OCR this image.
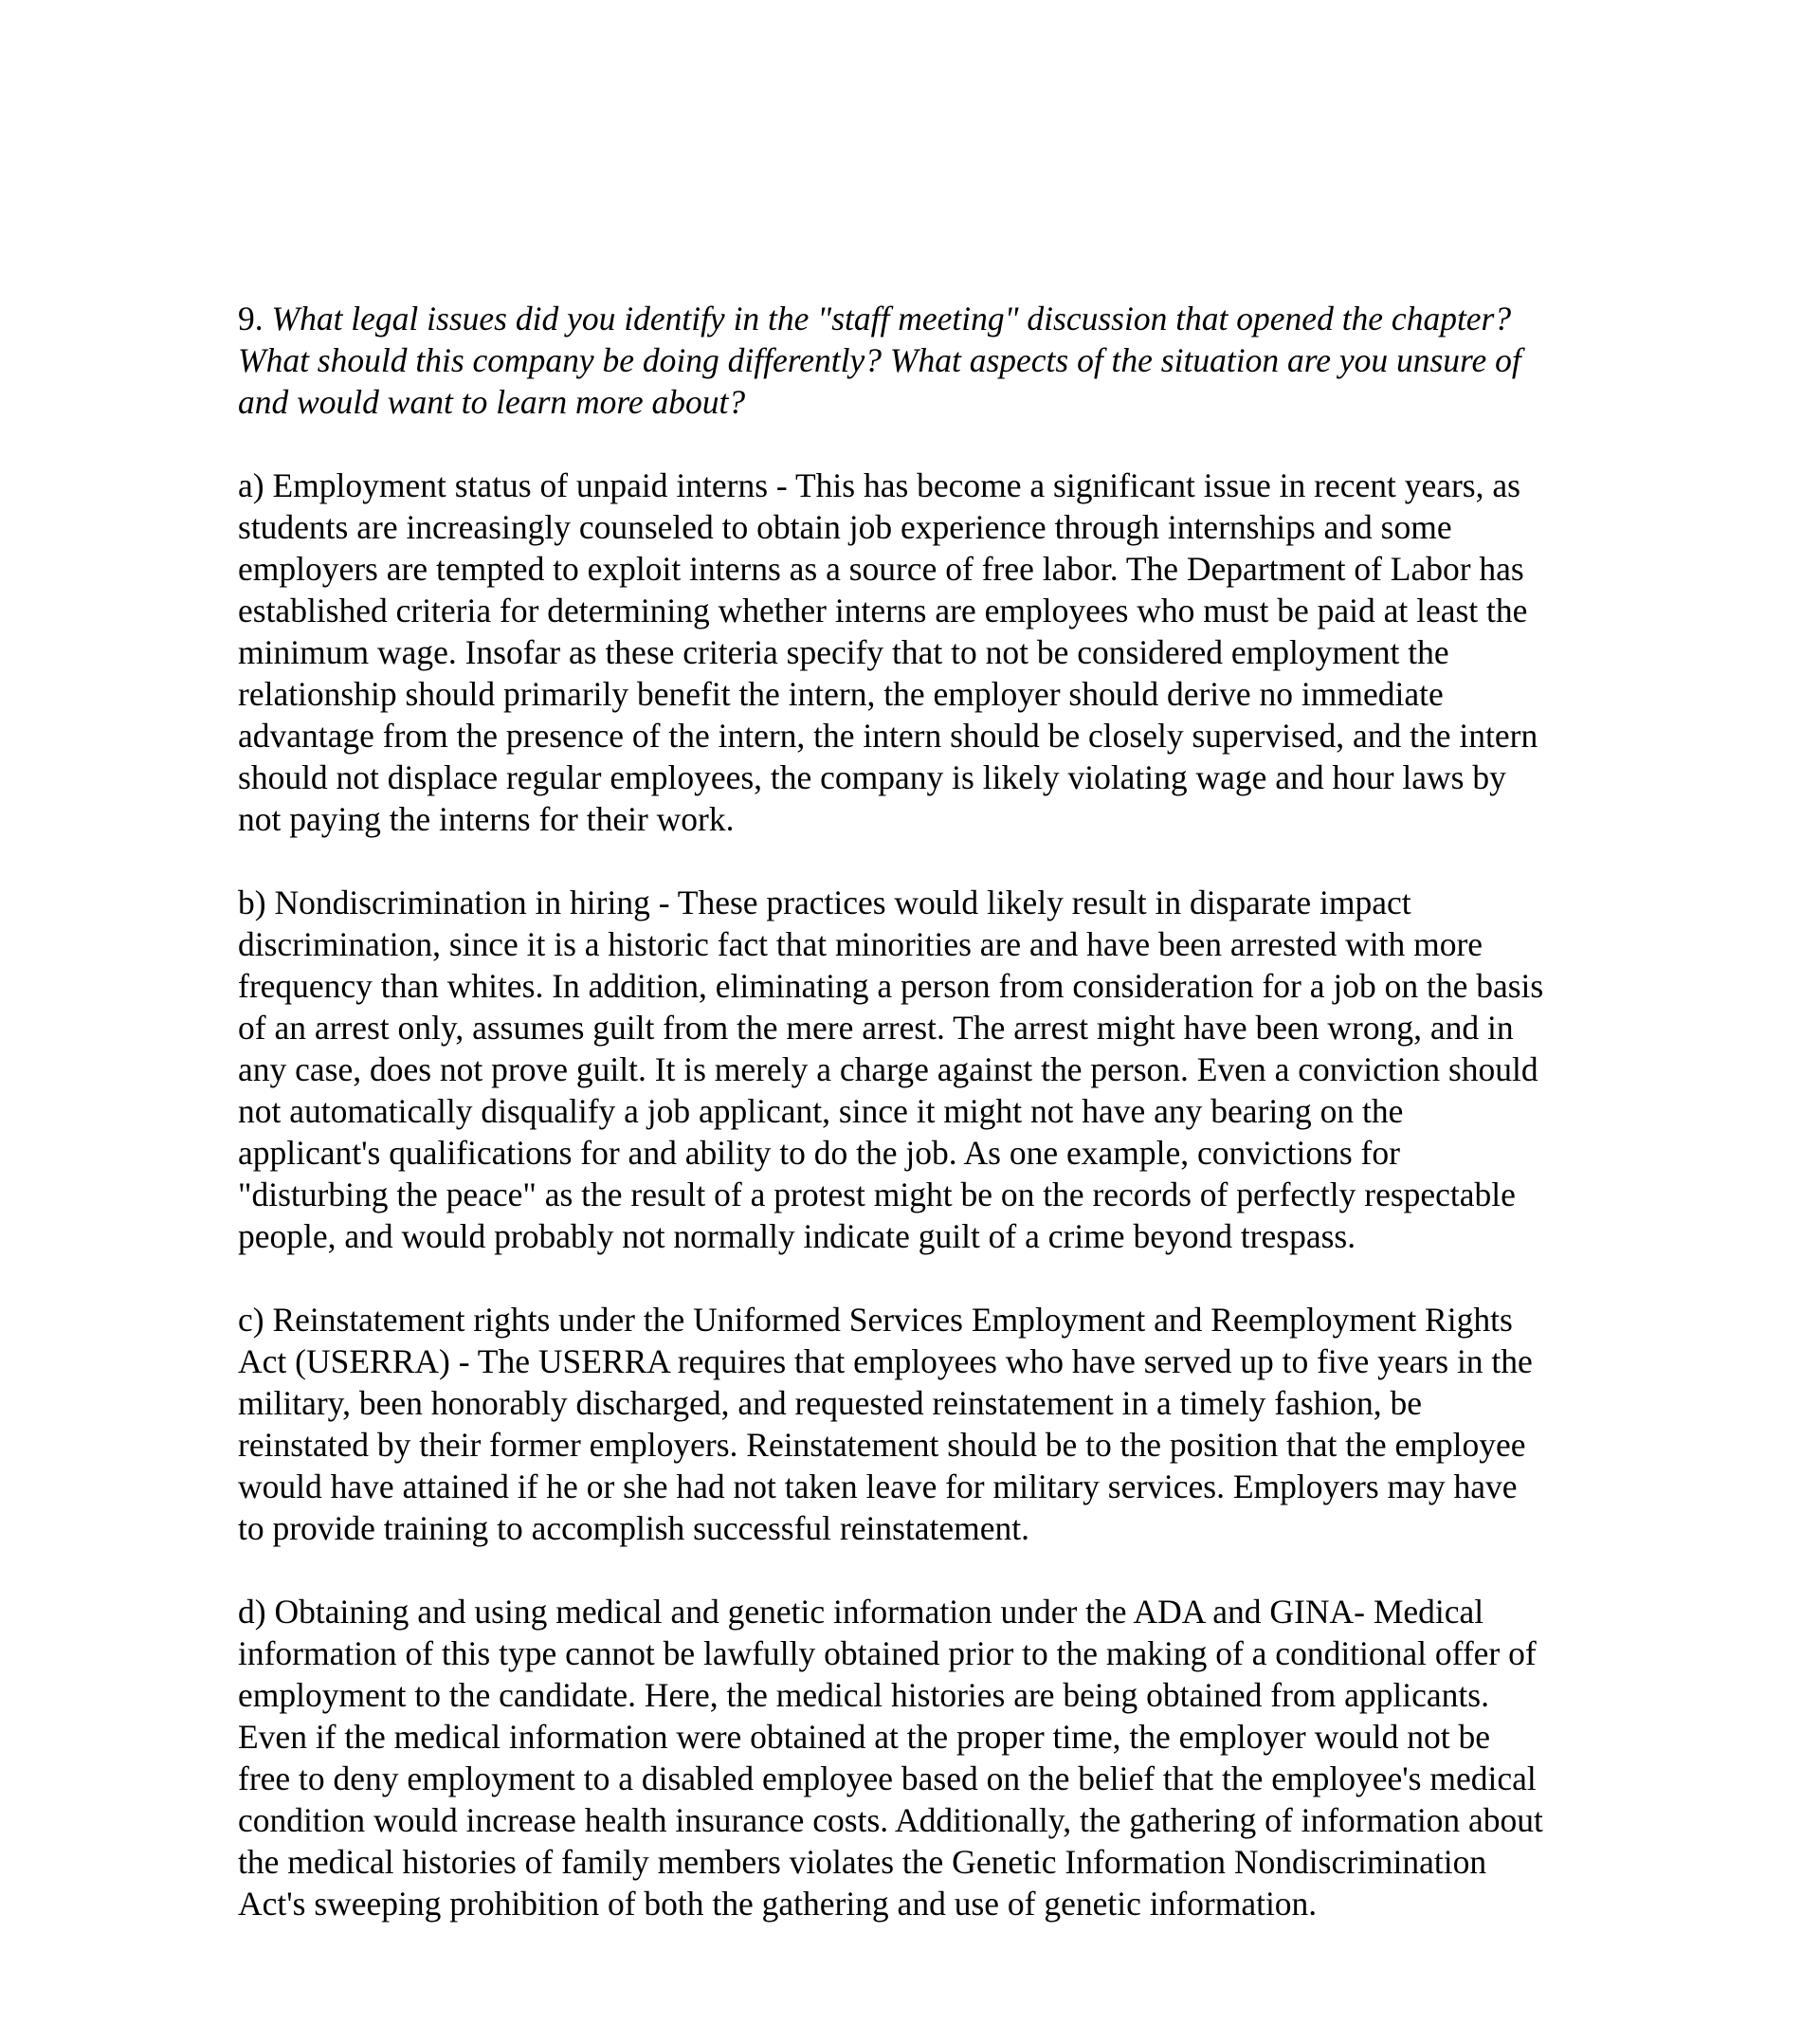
9. What legal issues did you identify in the "staff meeting" discussion that opened the chapter? What should this company be doing differently? What aspects of the situation are you unsure of and would want to learn more about?

a) Employment status of unpaid interns - This has become a significant issue in recent years, as students are increasingly counseled to obtain job experience through internships and some employers are tempted to exploit interns as a source of free labor. The Department of Labor has established criteria for determining whether interns are employees who must be paid at least the minimum wage. Insofar as these criteria specify that to not be considered employment the relationship should primarily benefit the intern, the employer should derive no immediate advantage from the presence of the intern, the intern should be closely supervised, and the intern should not displace regular employees, the company is likely violating wage and hour laws by not paying the interns for their work.

b) Nondiscrimination in hiring - These practices would likely result in disparate impact discrimination, since it is a historic fact that minorities are and have been arrested with more frequency than whites. In addition, eliminating a person from consideration for a job on the basis of an arrest only, assumes guilt from the mere arrest. The arrest might have been wrong, and in any case, does not prove guilt. It is merely a charge against the person. Even a conviction should not automatically disqualify a job applicant, since it might not have any bearing on the applicant's qualifications for and ability to do the job. As one example, convictions for "disturbing the peace" as the result of a protest might be on the records of perfectly respectable people, and would probably not normally indicate guilt of a crime beyond trespass.

c) Reinstatement rights under the Uniformed Services Employment and Reemployment Rights Act (USERRA) - The USERRA requires that employees who have served up to five years in the military, been honorably discharged, and requested reinstatement in a timely fashion, be reinstated by their former employers. Reinstatement should be to the position that the employee would have attained if he or she had not taken leave for military services. Employers may have to provide training to accomplish successful reinstatement.

d) Obtaining and using medical and genetic information under the ADA and GINA- Medical information of this type cannot be lawfully obtained prior to the making of a conditional offer of employment to the candidate. Here, the medical histories are being obtained from applicants. Even if the medical information were obtained at the proper time, the employer would not be free to deny employment to a disabled employee based on the belief that the employee's medical condition would increase health insurance costs. Additionally, the gathering of information about the medical histories of family members violates the Genetic Information Nondiscrimination Act's sweeping prohibition of both the gathering and use of genetic information.
